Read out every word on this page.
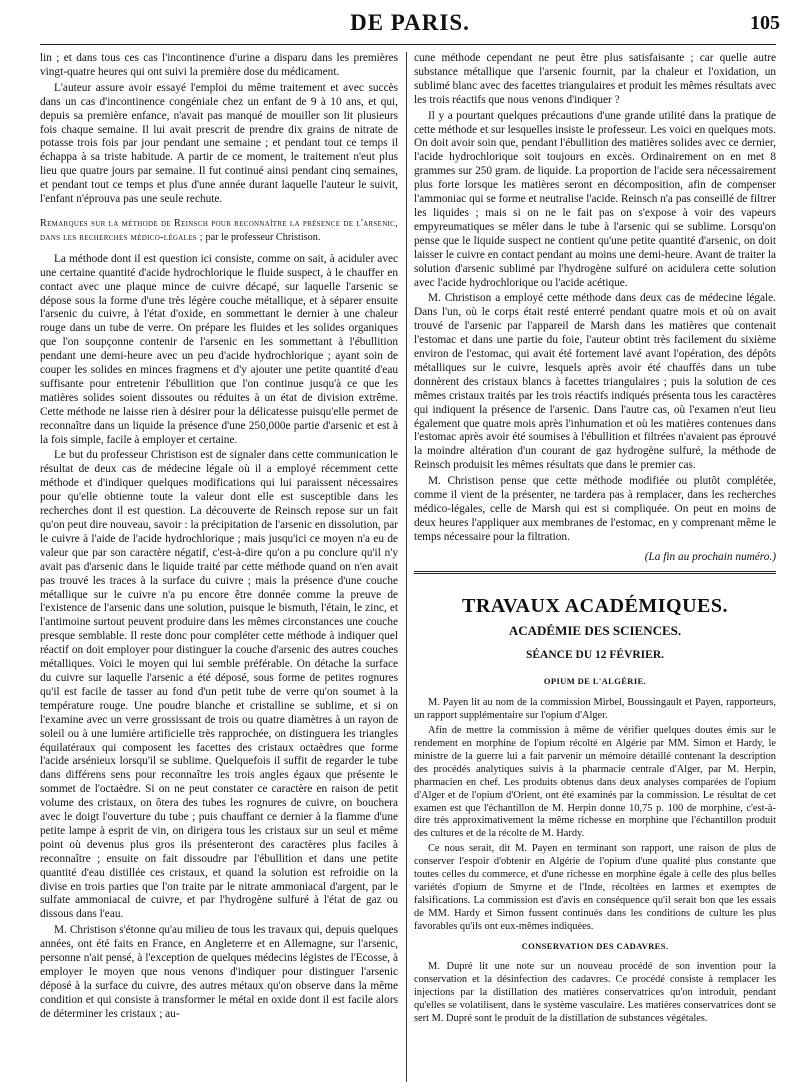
DE PARIS.	105

lin ; et dans tous ces cas l'incontinence d'urine a disparu dans les premières vingt-quatre heures qui ont suivi la première dose du médicament.

L'auteur assure avoir essayé l'emploi du même traitement et avec succès dans un cas d'incontinence congéniale chez un enfant de 9 à 10 ans, et qui, depuis sa première enfance, n'avait pas manqué de mouiller son lit plusieurs fois chaque semaine. Il lui avait prescrit de prendre dix grains de nitrate de potasse trois fois par jour pendant une semaine ; et pendant tout ce temps il échappa à sa triste habitude. A partir de ce moment, le traitement n'eut plus lieu que quatre jours par semaine. Il fut continué ainsi pendant cinq semaines, et pendant tout ce temps et plus d'une année durant laquelle l'auteur le suivit, l'enfant n'éprouva pas une seule rechute.

Remarques sur la méthode de Reinsch pour reconnaître la présence de l'arsenic, dans les recherches médico-légales ; par le professeur Christison.

La méthode dont il est question ici consiste, comme on sait, à aciduler avec une certaine quantité d'acide hydrochlorique le fluide suspect, à le chauffer en contact avec une plaque mince de cuivre décapé, sur laquelle l'arsenic se dépose sous la forme d'une très légère couche métallique, et à séparer ensuite l'arsenic du cuivre, à l'état d'oxide, en sommettant le dernier à une chaleur rouge dans un tube de verre. On prépare les fluides et les solides organiques que l'on soupçonne contenir de l'arsenic en les sommettant à l'ébullition pendant une demi-heure avec un peu d'acide hydrochlorique ; ayant soin de couper les solides en minces fragmens et d'y ajouter une petite quantité d'eau suffisante pour entretenir l'ébullition que l'on continue jusqu'à ce que les matières solides soient dissoutes ou réduites à un état de division extrême. Cette méthode ne laisse rien à désirer pour la délicatesse puisqu'elle permet de reconnaître dans un liquide la présence d'une 250,000e partie d'arsenic et est à la fois simple, facile à employer et certaine.

Le but du professeur Christison est de signaler dans cette communication le résultat de deux cas de médecine légale où il a employé récemment cette méthode et d'indiquer quelques modifications qui lui paraissent nécessaires pour qu'elle obtienne toute la valeur dont elle est susceptible dans les recherches dont il est question. La découverte de Reinsch repose sur un fait qu'on peut dire nouveau, savoir : la précipitation de l'arsenic en dissolution, par le cuivre à l'aide de l'acide hydrochlorique ; mais jusqu'ici ce moyen n'a eu de valeur que par son caractère négatif, c'est-à-dire qu'on a pu conclure qu'il n'y avait pas d'arsenic dans le liquide traité par cette méthode quand on n'en avait pas trouvé les traces à la surface du cuivre ; mais la présence d'une couche métallique sur le cuivre n'a pu encore être donnée comme la preuve de l'existence de l'arsenic dans une solution, puisque le bismuth, l'étain, le zinc, et l'antimoine surtout peuvent produire dans les mêmes circonstances une couche presque semblable. Il reste donc pour compléter cette méthode à indiquer quel réactif on doit employer pour distinguer la couche d'arsenic des autres couches métalliques. Voici le moyen qui lui semble préférable. On détache la surface du cuivre sur laquelle l'arsenic a été déposé, sous forme de petites rognures qu'il est facile de tasser au fond d'un petit tube de verre qu'on soumet à la température rouge. Une poudre blanche et cristalline se sublime, et si on l'examine avec un verre grossissant de trois ou quatre diamètres à un rayon de soleil ou à une lumière artificielle très rapprochée, on distinguera les triangles équilatéraux qui composent les facettes des cristaux octaèdres que forme l'acide arsénieux lorsqu'il se sublime. Quelquefois il suffit de regarder le tube dans différens sens pour reconnaître les trois angles égaux que présente le sommet de l'octaèdre. Si on ne peut constater ce caractère en raison de petit volume des cristaux, on ôtera des tubes les rognures de cuivre, on bouchera avec le doigt l'ouverture du tube ; puis chauffant ce dernier à la flamme d'une petite lampe à esprit de vin, on dirigera tous les cristaux sur un seul et même point où devenus plus gros ils présenteront des caractères plus faciles à reconnaître ; ensuite on fait dissoudre par l'ébullition et dans une petite quantité d'eau distillée ces cristaux, et quand la solution est refroidie on la divise en trois parties que l'on traite par le nitrate ammoniacal d'argent, par le sulfate ammoniacal de cuivre, et par l'hydrogène sulfuré à l'état de gaz ou dissous dans l'eau.

M. Christison s'étonne qu'au milieu de tous les travaux qui, depuis quelques années, ont été faits en France, en Angleterre et en Allemagne, sur l'arsenic, personne n'ait pensé, à l'exception de quelques médecins légistes de l'Ecosse, à employer le moyen que nous venons d'indiquer pour distinguer l'arsenic déposé à la surface du cuivre, des autres métaux qu'on observe dans la même condition et qui consiste à transformer le métal en oxide dont il est facile alors de déterminer les cristaux ; au-

cune méthode cependant ne peut être plus satisfaisante ; car quelle autre substance métallique que l'arsenic fournit, par la chaleur et l'oxidation, un sublimé blanc avec des facettes triangulaires et produit les mêmes résultats avec les trois réactifs que nous venons d'indiquer ?

Il y a pourtant quelques précautions d'une grande utilité dans la pratique de cette méthode et sur lesquelles insiste le professeur. Les voici en quelques mots. On doit avoir soin que, pendant l'ébullition des matières solides avec ce dernier, l'acide hydrochlorique soit toujours en excès. Ordinairement on en met 8 grammes sur 250 gram. de liquide. La proportion de l'acide sera nécessairement plus forte lorsque les matières seront en décomposition, afin de compenser l'ammoniac qui se forme et neutralise l'acide. Reinsch n'a pas conseillé de filtrer les liquides ; mais si on ne le fait pas on s'expose à voir des vapeurs empyreumatiques se mêler dans le tube à l'arsenic qui se sublime. Lorsqu'on pense que le liquide suspect ne contient qu'une petite quantité d'arsenic, on doit laisser le cuivre en contact pendant au moins une demi-heure. Avant de traiter la solution d'arsenic sublimé par l'hydrogène sulfuré on acidulera cette solution avec l'acide hydrochlorique ou l'acide acétique.

M. Christison a employé cette méthode dans deux cas de médecine légale. Dans l'un, où le corps était resté enterré pendant quatre mois et où on avait trouvé de l'arsenic par l'appareil de Marsh dans les matières que contenait l'estomac et dans une partie du foie, l'auteur obtint très facilement du sixième environ de l'estomac, qui avait été fortement lavé avant l'opération, des dépôts métalliques sur le cuivre, lesquels après avoir été chauffés dans un tube donnèrent des cristaux blancs à facettes triangulaires ; puis la solution de ces mêmes cristaux traités par les trois réactifs indiqués présenta tous les caractères qui indiquent la présence de l'arsenic. Dans l'autre cas, où l'examen n'eut lieu également que quatre mois après l'inhumation et où les matières contenues dans l'estomac après avoir été soumises à l'ébullition et filtrées n'avaient pas éprouvé la moindre altération d'un courant de gaz hydrogène sulfuré, la méthode de Reinsch produisit les mêmes résultats que dans le premier cas.

M. Christison pense que cette méthode modifiée ou plutôt complétée, comme il vient de la présenter, ne tardera pas à remplacer, dans les recherches médico-légales, celle de Marsh qui est si compliquée. On peut en moins de deux heures l'appliquer aux membranes de l'estomac, en y comprenant même le temps nécessaire pour la filtration.

(La fin au prochain numéro.)

TRAVAUX ACADÉMIQUES.

ACADÉMIE DES SCIENCES.

SÉANCE DU 12 FÉVRIER.

OPIUM DE L'ALGÉRIE.

M. Payen lit au nom de la commission Mirbel, Boussingault et Payen, rapporteurs, un rapport supplémentaire sur l'opium d'Alger.

Afin de mettre la commission à même de vérifier quelques doutes émis sur le rendement en morphine de l'opium récolté en Algérie par MM. Simon et Hardy, le ministre de la guerre lui a fait parvenir un mémoire détaillé contenant la description des procédés analytiques suivis à la pharmacie centrale d'Alger, par M. Herpin, pharmacien en chef. Les produits obtenus dans deux analyses comparées de l'opium d'Alger et de l'opium d'Orient, ont été examinés par la commission. Le résultat de cet examen est que l'échantillon de M. Herpin donne 10,75 p. 100 de morphine, c'est-à-dire très approximativement la même richesse en morphine que l'échantillon produit des cultures et de la récolte de M. Hardy.

Ce nous serait, dit M. Payen en terminant son rapport, une raison de plus de conserver l'espoir d'obtenir en Algérie de l'opium d'une qualité plus constante que toutes celles du commerce, et d'une richesse en morphine égale à celle des plus belles variétés d'opium de Smyrne et de l'Inde, récoltées en larmes et exemptes de falsifications. La commission est d'avis en conséquence qu'il serait bon que les essais de MM. Hardy et Simon fussent continués dans les conditions de culture les plus favorables qu'ils ont eux-mêmes indiquées.

CONSERVATION DES CADAVRES.

M. Dupré lit une note sur un nouveau procédé de son invention pour la conservation et la désinfection des cadavres. Ce procédé consiste à remplacer les injections par la distillation des matières conservatrices qu'on introduit, pendant qu'elles se volatilisent, dans le système vasculaire. Les matières conservatrices dont se sert M. Dupré sont le produit de la distillation de substances végétales.
